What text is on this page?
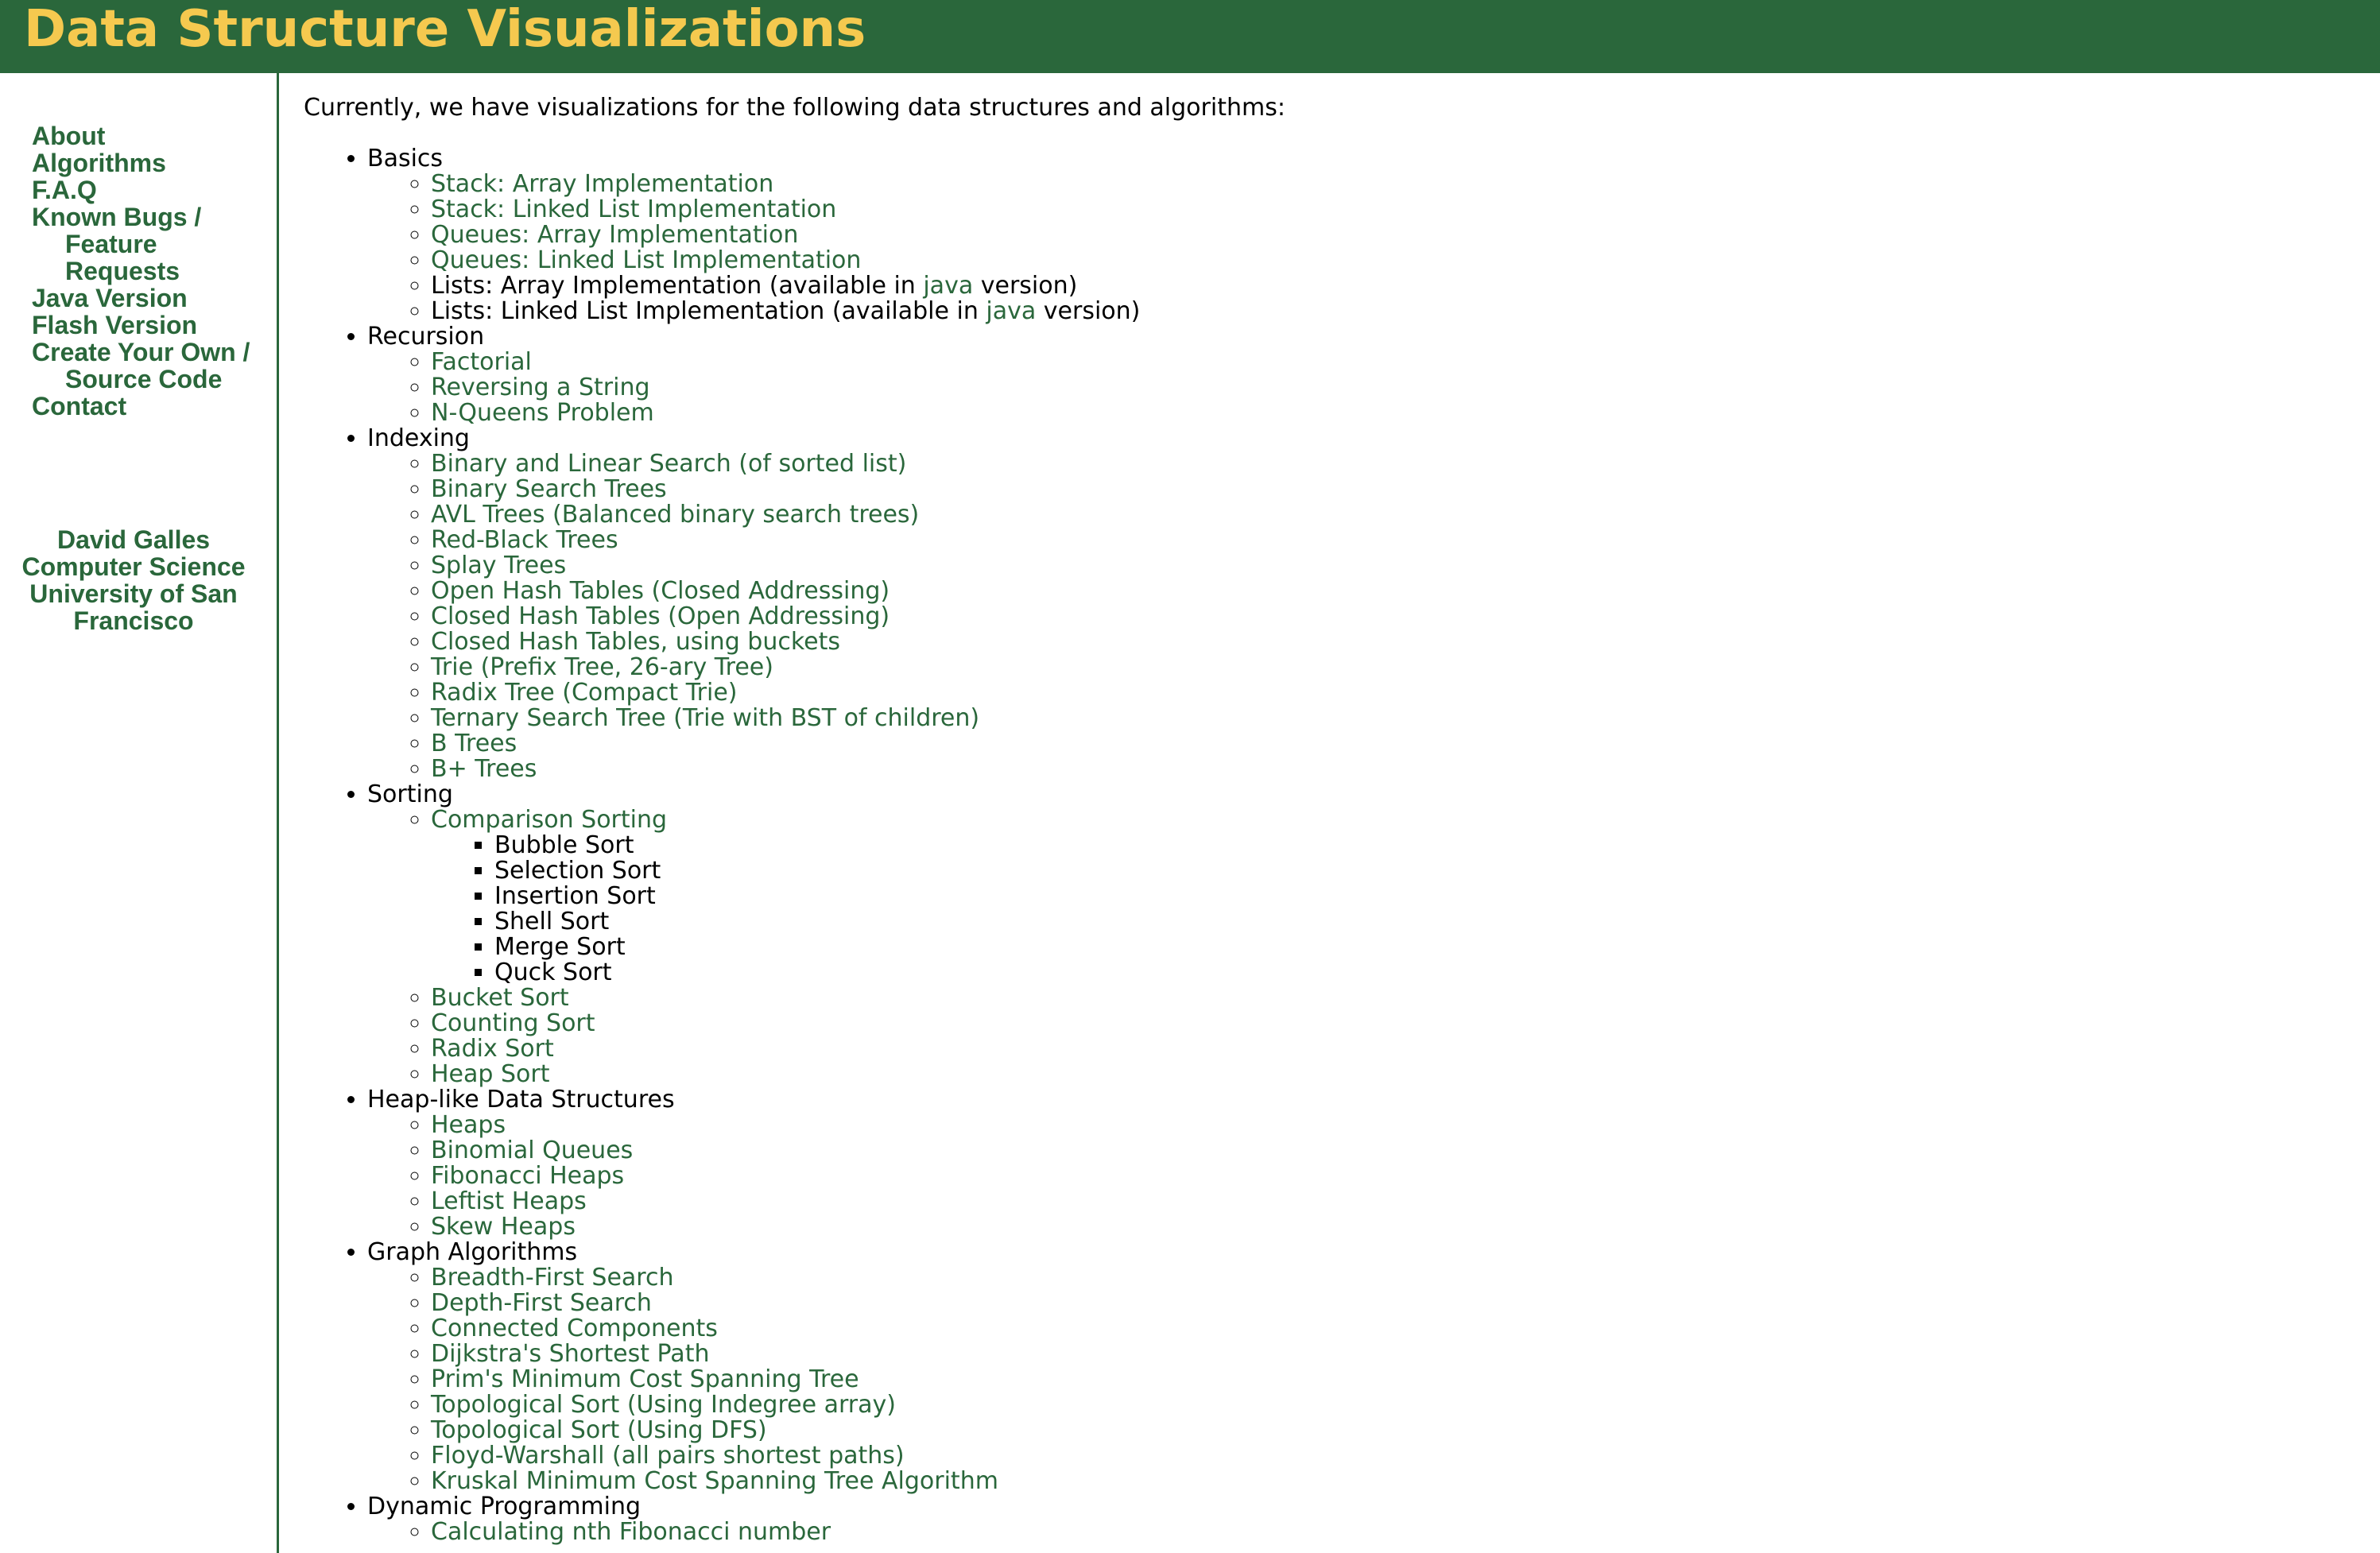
Data Structure Visualizations
About
Algorithms
F.A.Q
Known Bugs / Feature Requests
Java Version
Flash Version
Create Your Own / Source Code
Contact
David Galles
Computer Science
University of San Francisco

Currently, we have visualizations for the following data structures and algorithms:

• Basics
◦ Stack: Array Implementation
◦ Stack: Linked List Implementation
◦ Queues: Array Implementation
◦ Queues: Linked List Implementation
◦ Lists: Array Implementation (available in java version)
◦ Lists: Linked List Implementation (available in java version)
• Recursion
◦ Factorial
◦ Reversing a String
◦ N-Queens Problem
• Indexing
◦ Binary and Linear Search (of sorted list)
◦ Binary Search Trees
◦ AVL Trees (Balanced binary search trees)
◦ Red-Black Trees
◦ Splay Trees
◦ Open Hash Tables (Closed Addressing)
◦ Closed Hash Tables (Open Addressing)
◦ Closed Hash Tables, using buckets
◦ Trie (Prefix Tree, 26-ary Tree)
◦ Radix Tree (Compact Trie)
◦ Ternary Search Tree (Trie with BST of children)
◦ B Trees
◦ B+ Trees
• Sorting
◦ Comparison Sorting
▪ Bubble Sort
▪ Selection Sort
▪ Insertion Sort
▪ Shell Sort
▪ Merge Sort
▪ Quck Sort
◦ Bucket Sort
◦ Counting Sort
◦ Radix Sort
◦ Heap Sort
• Heap-like Data Structures
◦ Heaps
◦ Binomial Queues
◦ Fibonacci Heaps
◦ Leftist Heaps
◦ Skew Heaps
• Graph Algorithms
◦ Breadth-First Search
◦ Depth-First Search
◦ Connected Components
◦ Dijkstra's Shortest Path
◦ Prim's Minimum Cost Spanning Tree
◦ Topological Sort (Using Indegree array)
◦ Topological Sort (Using DFS)
◦ Floyd-Warshall (all pairs shortest paths)
◦ Kruskal Minimum Cost Spanning Tree Algorithm
• Dynamic Programming
◦ Calculating nth Fibonacci number
